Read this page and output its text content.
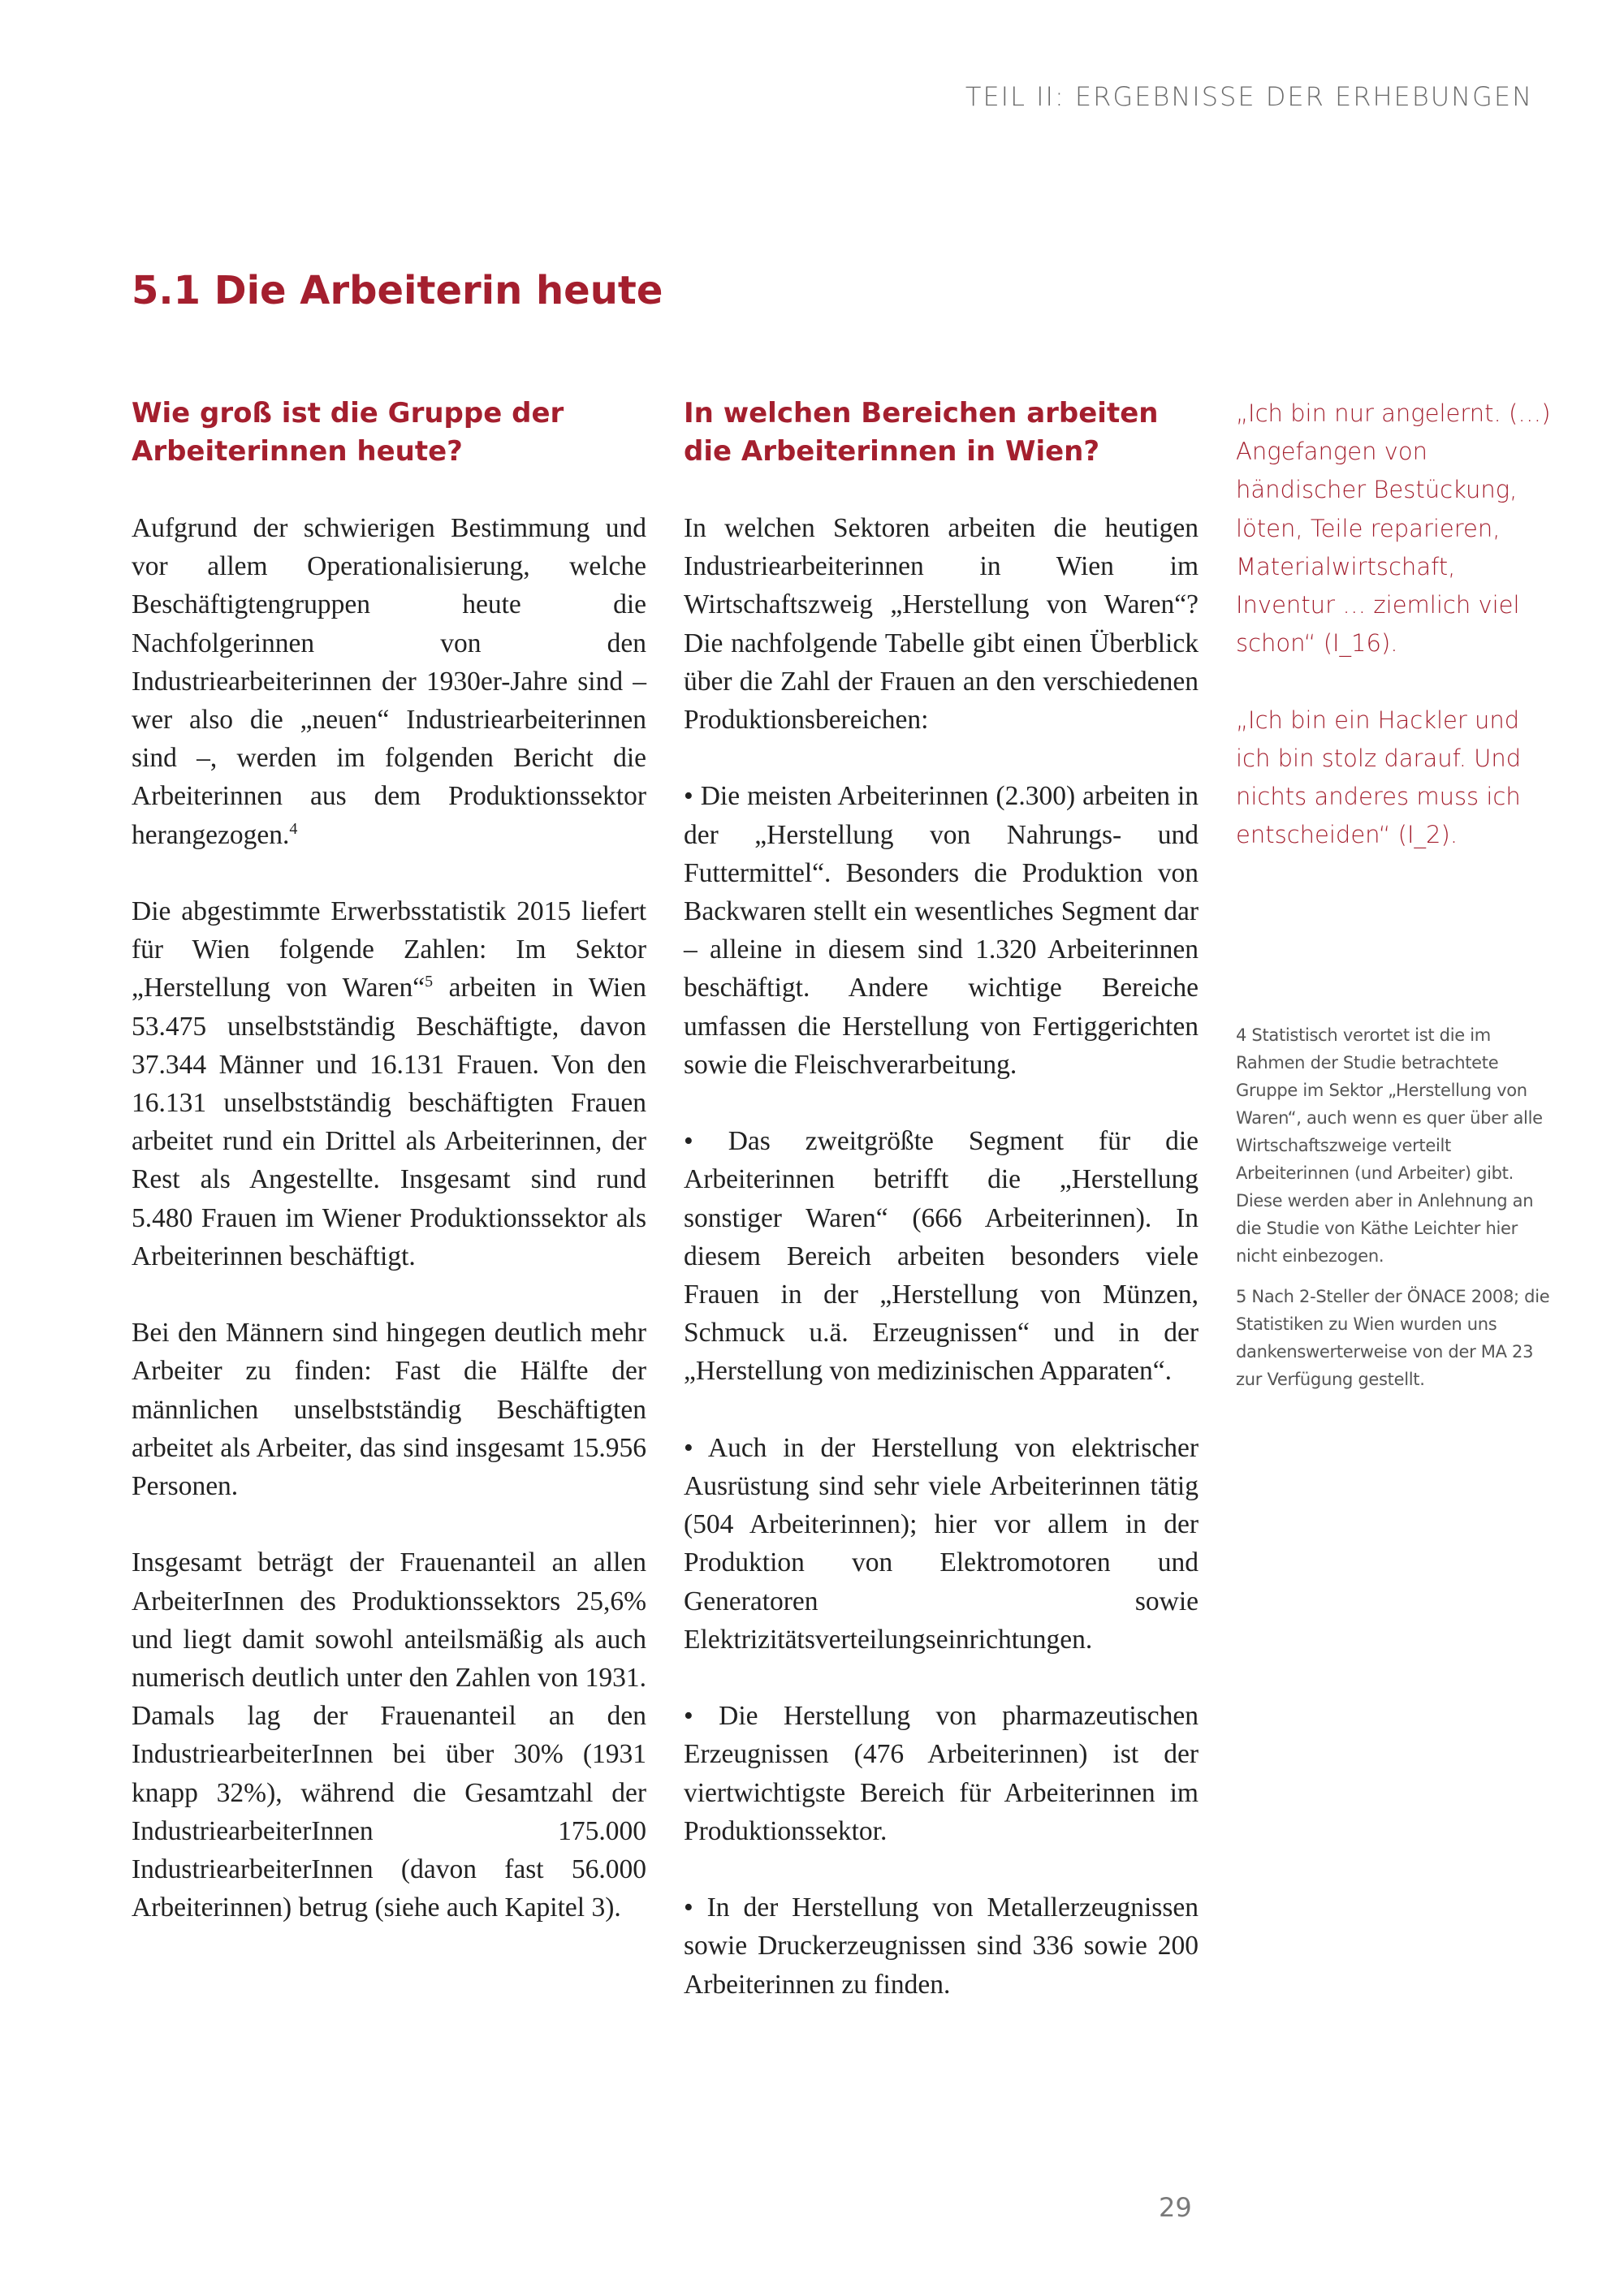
TEIL II: ERGEBNISSE DER ERHEBUNGEN
5.1 Die Arbeiterin heute
Wie groß ist die Gruppe der Arbeiterinnen heute?

Aufgrund der schwierigen Bestimmung und vor allem Operationalisierung, welche Beschäftigtengruppen heute die Nachfolgerinnen von den Industriearbeiterinnen der 1930er-Jahre sind – wer also die „neuen“ Industriearbeiterinnen sind –, werden im folgenden Bericht die Arbeiterinnen aus dem Produktionssektor herangezogen.$^4$

Die abgestimmte Erwerbsstatistik 2015 liefert für Wien folgende Zahlen: Im Sektor „Herstellung von Waren“$^5$ arbeiten in Wien 53.475 unselbstständig Beschäftigte, davon 37.344 Männer und 16.131 Frauen. Von den 16.131 unselbstständig beschäftigten Frauen arbeitet rund ein Drittel als Arbeiterinnen, der Rest als Angestellte. Insgesamt sind rund 5.480 Frauen im Wiener Produktionssektor als Arbeiterinnen beschäftigt.

Bei den Männern sind hingegen deutlich mehr Arbeiter zu finden: Fast die Hälfte der männlichen unselbstständig Beschäftigten arbeitet als Arbeiter, das sind insgesamt 15.956 Personen.

Insgesamt beträgt der Frauenanteil an allen ArbeiterInnen des Produktionssektors 25,6% und liegt damit sowohl anteilsmäßig als auch numerisch deutlich unter den Zahlen von 1931. Damals lag der Frauenanteil an den IndustriearbeiterInnen bei über 30% (1931 knapp 32%), während die Gesamtzahl der IndustriearbeiterInnen 175.000 IndustriearbeiterInnen (davon fast 56.000 Arbeiterinnen) betrug (siehe auch Kapitel 3).

In welchen Bereichen arbeiten die Arbeiterinnen in Wien?

In welchen Sektoren arbeiten die heutigen Industriearbeiterinnen in Wien im Wirtschaftszweig „Herstellung von Waren“? Die nachfolgende Tabelle gibt einen Überblick über die Zahl der Frauen an den verschiedenen Produktionsbereichen:

• Die meisten Arbeiterinnen (2.300) arbeiten in der „Herstellung von Nahrungs- und Futtermittel“. Besonders die Produktion von Backwaren stellt ein wesentliches Segment dar – alleine in diesem sind 1.320 Arbeiterinnen beschäftigt. Andere wichtige Bereiche umfassen die Herstellung von Fertiggerichten sowie die Fleischverarbeitung.

• Das zweitgrößte Segment für die Arbeiterinnen betrifft die „Herstellung sonstiger Waren“ (666 Arbeiterinnen). In diesem Bereich arbeiten besonders viele Frauen in der „Herstellung von Münzen, Schmuck u.ä. Erzeugnissen“ und in der „Herstellung von medizinischen Apparaten“.

• Auch in der Herstellung von elektrischer Ausrüstung sind sehr viele Arbeiterinnen tätig (504 Arbeiterinnen); hier vor allem in der Produktion von Elektromotoren und Generatoren sowie Elektrizitätsverteilungseinrichtungen.

• Die Herstellung von pharmazeutischen Erzeugnissen (476 Arbeiterinnen) ist der viertwichtigste Bereich für Arbeiterinnen im Produktionssektor.

• In der Herstellung von Metallerzeugnissen sowie Druckerzeugnissen sind 336 sowie 200 Arbeiterinnen zu finden.

„Ich bin nur angelernt. (…) Angefangen von händischer Bestückung, löten, Teile reparieren, Materialwirtschaft, Inventur … ziemlich viel schon“ (I_16).

„Ich bin ein Hackler und ich bin stolz darauf. Und nichts anderes muss ich entscheiden“ (I_2).

4 Statistisch verortet ist die im Rahmen der Studie betrachtete Gruppe im Sektor „Herstellung von Waren“, auch wenn es quer über alle Wirtschaftszweige verteilt Arbeiterinnen (und Arbeiter) gibt. Diese werden aber in Anlehnung an die Studie von Käthe Leichter hier nicht einbezogen.

5 Nach 2-Steller der ÖNACE 2008; die Statistiken zu Wien wurden uns dankenswerterweise von der MA 23 zur Verfügung gestellt.

29
